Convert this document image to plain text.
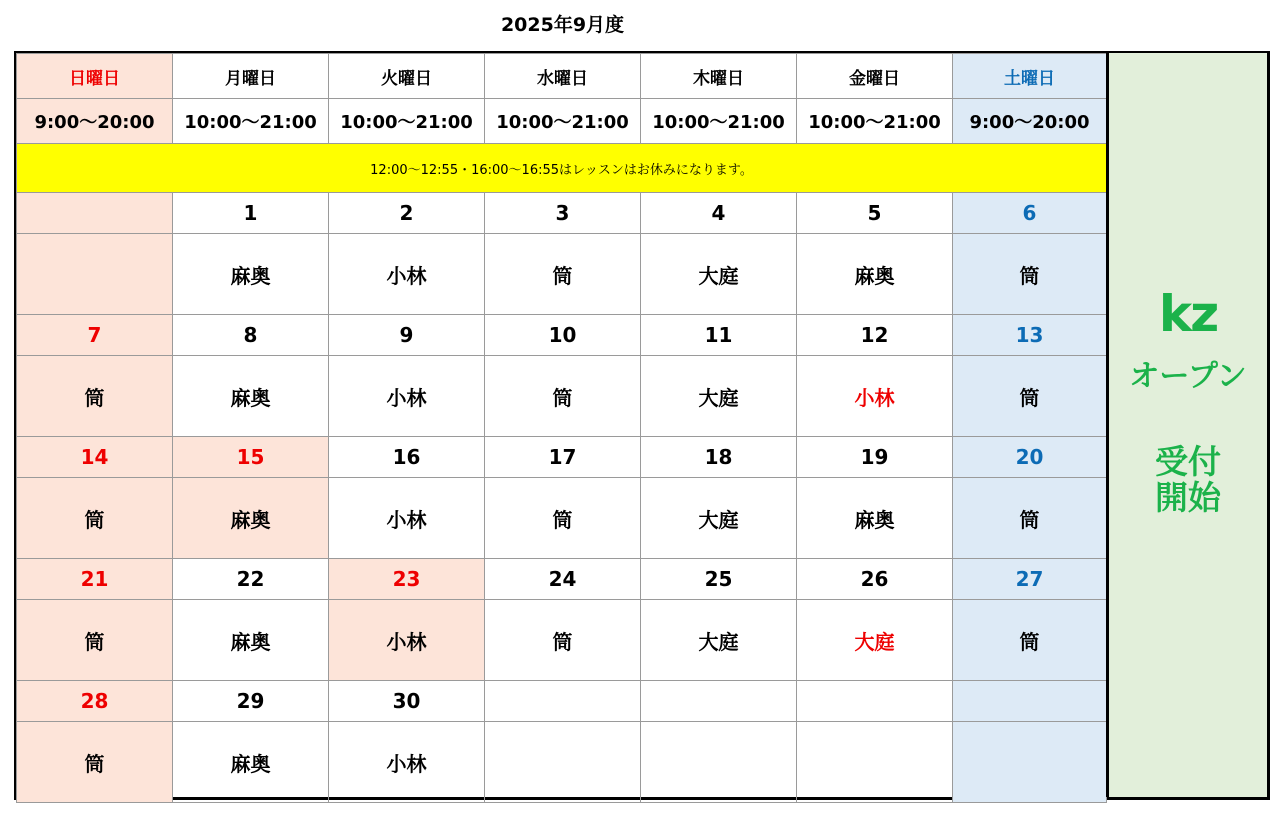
2025年9月度
日曜日	月曜日	火曜日	水曜日	木曜日	金曜日	土曜日
9:00～20:00	10:00～21:00	10:00～21:00	10:00～21:00	10:00～21:00	10:00～21:00	9:00～20:00
12:00～12:55・16:00～16:55はレッスンはお休みになります。						
	1	2	3	4	5	6
	麻奥	小林	筒	大庭	麻奥	筒
7	8	9	10	11	12	13
筒	麻奥	小林	筒	大庭	小林	筒
14	15	16	17	18	19	20
筒	麻奥	小林	筒	大庭	麻奥	筒
21	22	23	24	25	26	27
筒	麻奥	小林	筒	大庭	大庭	筒
28	29	30				
筒	麻奥	小林				
kz
オープン
受付
開始
